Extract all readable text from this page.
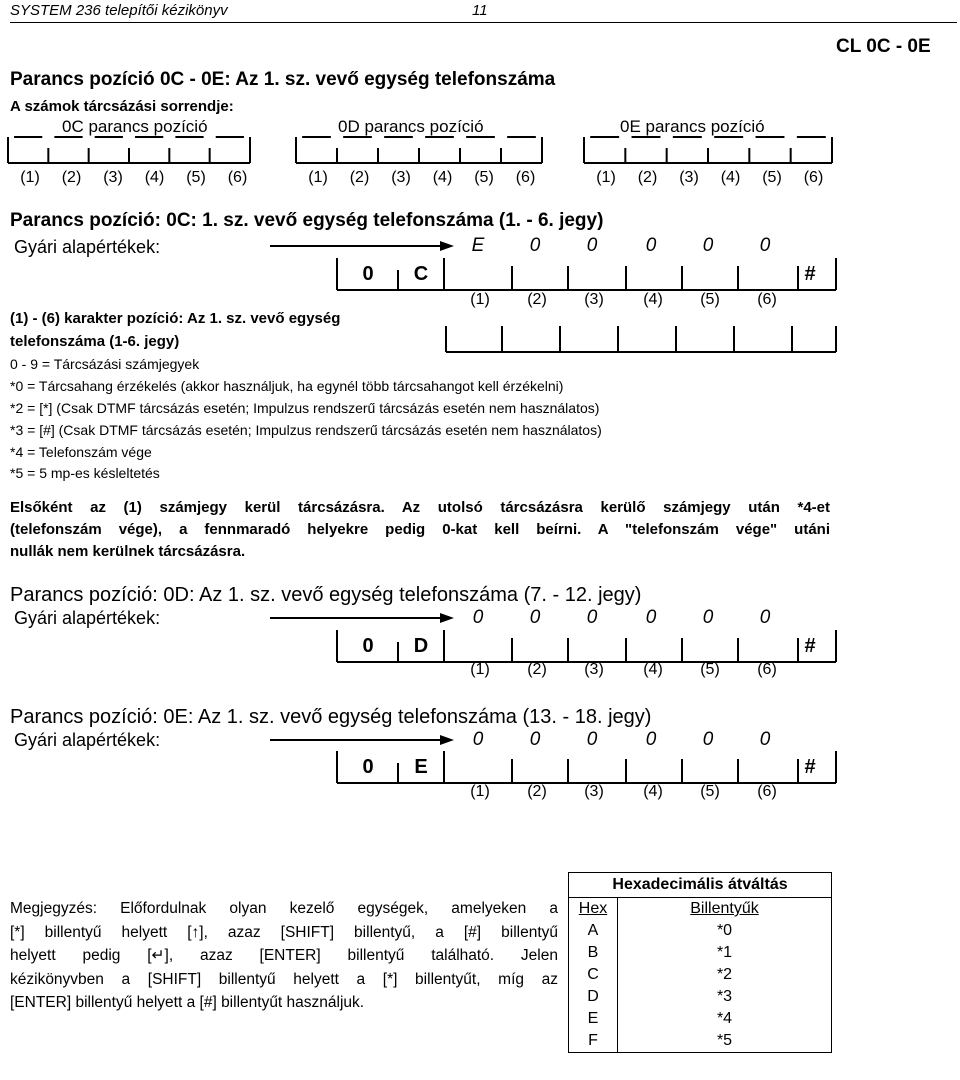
SYSTEM 236 telepítői kézikönyv	11
CL 0C - 0E
Parancs pozíció 0C - 0E: Az 1. sz. vevő egység telefonszáma
A számok tárcsázási sorrendje:
0C parancs pozíció	0D parancs pozíció	0E parancs pozíció
(1)	(2)	(3)	(4)	(5)	(6)	(1)	(2)	(3)	(4)	(5)	(6)	(1)	(2)	(3)	(4)	(5)	(6)
Parancs pozíció: 0C: 1. sz. vevő egység telefonszáma (1. - 6. jegy)
Gyári alapértékek:	E 0 0	0 0 0
0	C	#
(1)	(2)	(3)	(4)	(5)	(6)
(1) - (6) karakter pozíció: Az 1. sz. vevő egység
telefonszáma (1-6. jegy)
0 - 9 = Tárcsázási számjegyek
*0 = Tárcsahang érzékelés (akkor használjuk, ha egynél több tárcsahangot kell érzékelni)
*2 = [*] (Csak DTMF tárcsázás esetén; Impulzus rendszerű tárcsázás esetén nem használatos)
*3 = [#] (Csak DTMF tárcsázás esetén; Impulzus rendszerű tárcsázás esetén nem használatos)
*4 = Telefonszám vége
*5 = 5 mp-es késleltetés
Elsőként az (1) számjegy kerül tárcsázásra. Az utolsó tárcsázásra kerülő számjegy után *4-et
(telefonszám vége), a fennmaradó helyekre pedig 0-kat kell beírni. A "telefonszám vége" utáni
nullák nem kerülnek tárcsázásra.
Parancs pozíció: 0D: Az 1. sz. vevő egység telefonszáma (7. - 12. jegy)
Gyári alapértékek:	0 0 0	0 0 0
0	D	#
(1)	(2)	(3)	(4)	(5)	(6)
Parancs pozíció: 0E: Az 1. sz. vevő egység telefonszáma (13. - 18. jegy)
Gyári alapértékek:	0 0 0	0 0 0
0	E	#
(1)	(2)	(3)	(4)	(5)	(6)
Megjegyzés: Előfordulnak olyan kezelő egységek, amelyeken a
[*] billentyű helyett [↑], azaz [SHIFT] billentyű, a [#] billentyű
helyett pedig [↵], azaz [ENTER] billentyű található. Jelen
kézikönyvben a [SHIFT] billentyű helyett a [*] billentyűt, míg az
[ENTER] billentyű helyett a [#] billentyűt használjuk.
Hexadecimális átváltás	
Hex	Billentyűk
A	*0
B	*1
C	*2
D	*3
E	*4
F	*5
